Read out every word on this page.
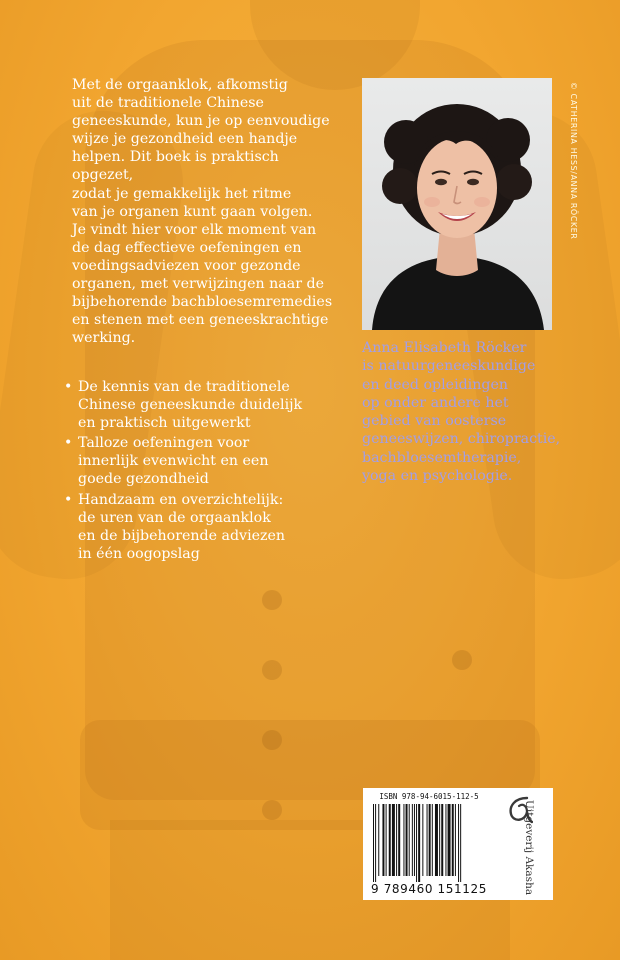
Met de orgaanklok, afkomstig
uit de traditionele Chinese
geneeskunde, kun je op eenvoudige
wijze je gezondheid een handje
helpen. Dit boek is praktisch opgezet,
zodat je gemakkelijk het ritme
van je organen kunt gaan volgen.
Je vindt hier voor elk moment van
de dag effectieve oefeningen en
voedingsadviezen voor gezonde
organen, met verwijzingen naar de
bijbehorende bachbloesemremedies
en stenen met een geneeskrachtige
werking.

• De kennis van de traditionele
Chinese geneeskunde duidelijk
en praktisch uitgewerkt
• Talloze oefeningen voor
innerlijk evenwicht en een
goede gezondheid
• Handzaam en overzichtelijk:
de uren van de orgaanklok
en de bijbehorende adviezen
in één oogopslag
© CATHERINA HESS/ANNA RÖCKER

Anna Elisabeth Röcker
is natuurgeneeskundige
en deed opleidingen
op onder andere het
gebied van oosterse
geneeswijzen, chiropractie,
bachbloesemtherapie,
yoga en psychologie.

ISBN 978-94-6015-112-5
9 789460 151125	Uitgeverij Akasha
